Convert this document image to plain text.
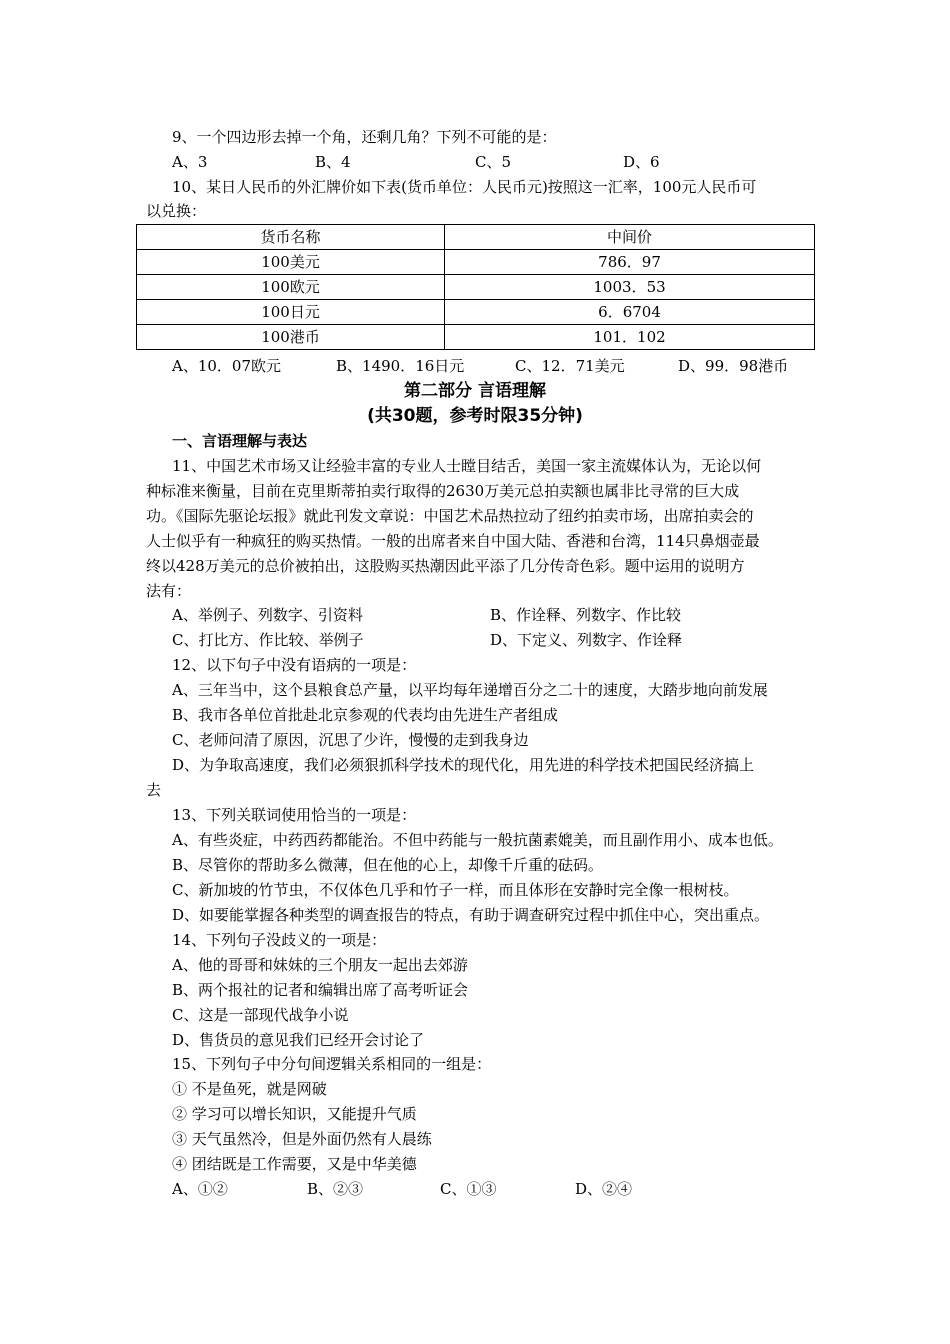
9、一个四边形去掉一个角，还剩几角？下列不可能的是：
A、3	B、4	C、5	D、6
10、某日人民币的外汇牌价如下表(货币单位：人民币元)按照这一汇率，100元人民币可
以兑换：
货币名称	中间价
100美元	786．97
100欧元	1003．53
100日元	6．6704
100港币	101．102
A、10．07欧元	B、1490．16日元	C、12．71美元	D、99．98港币
第二部分 言语理解
(共30题，参考时限35分钟)
一、言语理解与表达
11、中国艺术市场又让经验丰富的专业人士瞠目结舌，美国一家主流媒体认为，无论以何
种标准来衡量，目前在克里斯蒂拍卖行取得的2630万美元总拍卖额也属非比寻常的巨大成
功。《国际先驱论坛报》就此刊发文章说：中国艺术品热拉动了纽约拍卖市场，出席拍卖会的
人士似乎有一种疯狂的购买热情。一般的出席者来自中国大陆、香港和台湾，114只鼻烟壶最
终以428万美元的总价被拍出，这股购买热潮因此平添了几分传奇色彩。题中运用的说明方
法有：
A、举例子、列数字、引资料	B、作诠释、列数字、作比较
C、打比方、作比较、举例子	D、下定义、列数字、作诠释
12、以下句子中没有语病的一项是：
A、三年当中，这个县粮食总产量，以平均每年递增百分之二十的速度，大踏步地向前发展
B、我市各单位首批赴北京参观的代表均由先进生产者组成
C、老师问清了原因，沉思了少许，慢慢的走到我身边
D、为争取高速度，我们必须狠抓科学技术的现代化，用先进的科学技术把国民经济搞上
去
13、下列关联词使用恰当的一项是：
A、有些炎症，中药西药都能治。不但中药能与一般抗菌素媲美，而且副作用小、成本也低。
B、尽管你的帮助多么微薄，但在他的心上，却像千斤重的砝码。
C、新加坡的竹节虫，不仅体色几乎和竹子一样，而且体形在安静时完全像一根树枝。
D、如要能掌握各种类型的调查报告的特点，有助于调查研究过程中抓住中心，突出重点。
14、下列句子没歧义的一项是：
A、他的哥哥和妹妹的三个朋友一起出去郊游
B、两个报社的记者和编辑出席了高考听证会
C、这是一部现代战争小说
D、售货员的意见我们已经开会讨论了
15、下列句子中分句间逻辑关系相同的一组是：
① 不是鱼死，就是网破
② 学习可以增长知识，又能提升气质
③ 天气虽然冷，但是外面仍然有人晨练
④ 团结既是工作需要，又是中华美德
A、①②	B、②③	C、①③	D、②④
